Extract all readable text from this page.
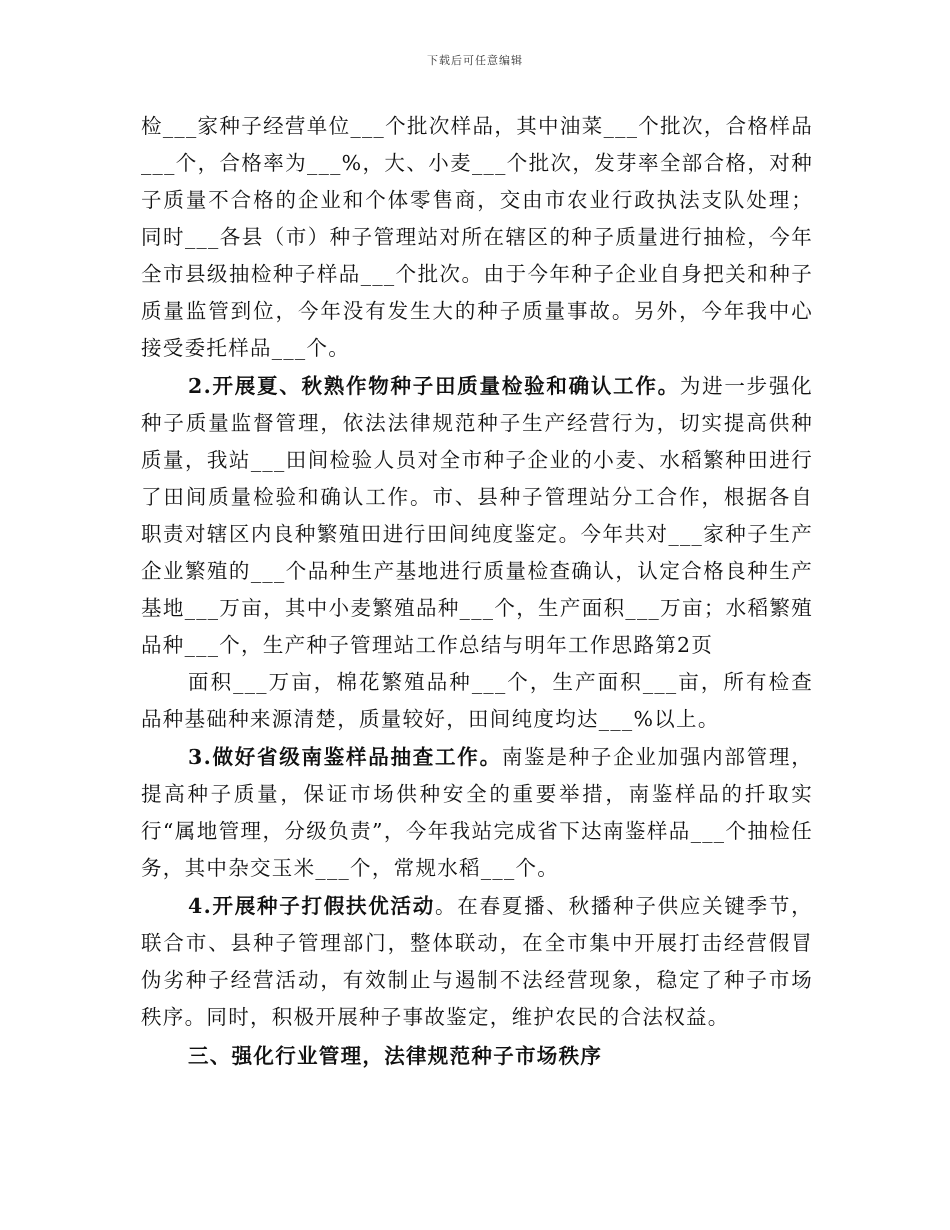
下载后可任意编辑

检___家种子经营单位___个批次样品，其中油菜___个批次，合格样品___个，合格率为___%，大、小麦___个批次，发芽率全部合格，对种子质量不合格的企业和个体零售商，交由市农业行政执法支队处理；同时___各县（市）种子管理站对所在辖区的种子质量进行抽检，今年全市县级抽检种子样品___个批次。由于今年种子企业自身把关和种子质量监管到位，今年没有发生大的种子质量事故。另外，今年我中心接受委托样品___个。

2.开展夏、秋熟作物种子田质量检验和确认工作。为进一步强化种子质量监督管理，依法法律规范种子生产经营行为，切实提高供种质量，我站___田间检验人员对全市种子企业的小麦、水稻繁种田进行了田间质量检验和确认工作。市、县种子管理站分工合作，根据各自职责对辖区内良种繁殖田进行田间纯度鉴定。今年共对___家种子生产企业繁殖的___个品种生产基地进行质量检查确认，认定合格良种生产基地___万亩，其中小麦繁殖品种___个，生产面积___万亩；水稻繁殖品种___个，生产种子管理站工作总结与明年工作思路第2页

面积___万亩，棉花繁殖品种___个，生产面积___亩，所有检查品种基础种来源清楚，质量较好，田间纯度均达___%以上。

3.做好省级南鉴样品抽查工作。南鉴是种子企业加强内部管理，提高种子质量，保证市场供种安全的重要举措，南鉴样品的扦取实行“属地管理，分级负责”，今年我站完成省下达南鉴样品___个抽检任务，其中杂交玉米___个，常规水稻___个。

4.开展种子打假扶优活动。在春夏播、秋播种子供应关键季节，联合市、县种子管理部门，整体联动，在全市集中开展打击经营假冒伪劣种子经营活动，有效制止与遏制不法经营现象，稳定了种子市场秩序。同时，积极开展种子事故鉴定，维护农民的合法权益。

三、强化行业管理，法律规范种子市场秩序
